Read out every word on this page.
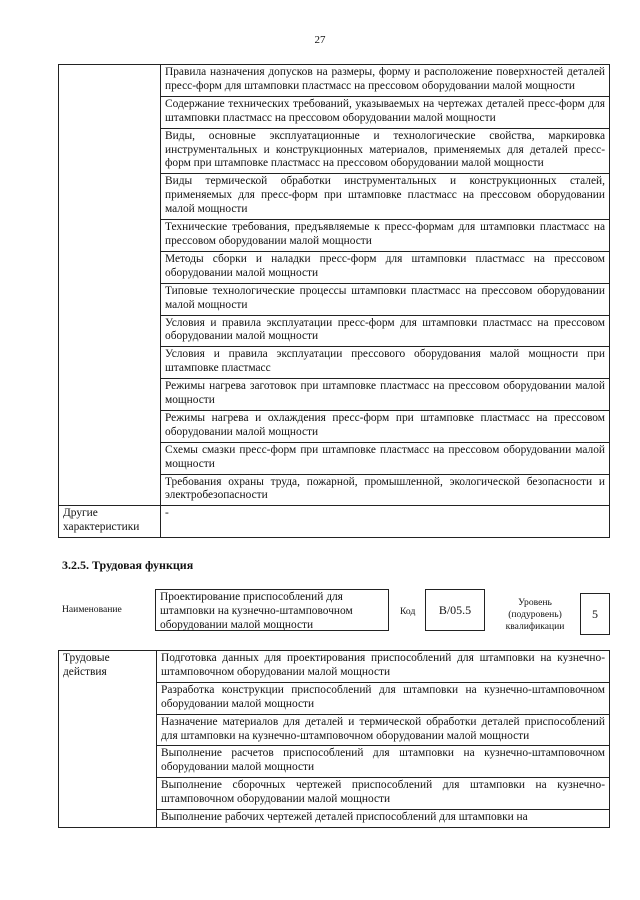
27
	Правила назначения допусков на размеры, форму и расположение поверхностей деталей пресс-форм для штамповки пластмасс на прессовом оборудовании малой мощности
	Содержание технических требований, указываемых на чертежах деталей пресс-форм для штамповки пластмасс на прессовом оборудовании малой мощности
	Виды, основные эксплуатационные и технологические свойства, маркировка инструментальных и конструкционных материалов, применяемых для деталей пресс-форм при штамповке пластмасс на прессовом оборудовании малой мощности
	Виды термической обработки инструментальных и конструкционных сталей, применяемых для пресс-форм при штамповке пластмасс на прессовом оборудовании малой мощности
	Технические требования, предъявляемые к пресс-формам для штамповки пластмасс на прессовом оборудовании малой мощности
	Методы сборки и наладки пресс-форм для штамповки пластмасс на прессовом оборудовании малой мощности
	Типовые технологические процессы штамповки пластмасс на прессовом оборудовании малой мощности
	Условия и правила эксплуатации пресс-форм для штамповки пластмасс на прессовом оборудовании малой мощности
	Условия и правила эксплуатации прессового оборудования малой мощности при штамповке пластмасс
	Режимы нагрева заготовок при штамповке пластмасс на прессовом оборудовании малой мощности
	Режимы нагрева и охлаждения пресс-форм при штамповке пластмасс на прессовом оборудовании малой мощности
	Схемы смазки пресс-форм при штамповке пластмасс на прессовом оборудовании малой мощности
	Требования охраны труда, пожарной, промышленной, экологической безопасности и электробезопасности
Другие характеристики	-
3.2.5. Трудовая функция
Наименование
Проектирование приспособлений для штамповки на кузнечно-штамповочном оборудовании малой мощности
Код	B/05.5	Уровень (подуровень) квалификации
5
Трудовые действия	Подготовка данных для проектирования приспособлений для штамповки на кузнечно-штамповочном оборудовании малой мощности
Разработка конструкции приспособлений для штамповки на кузнечно-штамповочном оборудовании малой мощности
Назначение материалов для деталей и термической обработки деталей приспособлений для штамповки на кузнечно-штамповочном оборудовании малой мощности
Выполнение расчетов приспособлений для штамповки на кузнечно-штамповочном оборудовании малой мощности
Выполнение сборочных чертежей приспособлений для штамповки на кузнечно-штамповочном оборудовании малой мощности
Выполнение рабочих чертежей деталей приспособлений для штамповки на
